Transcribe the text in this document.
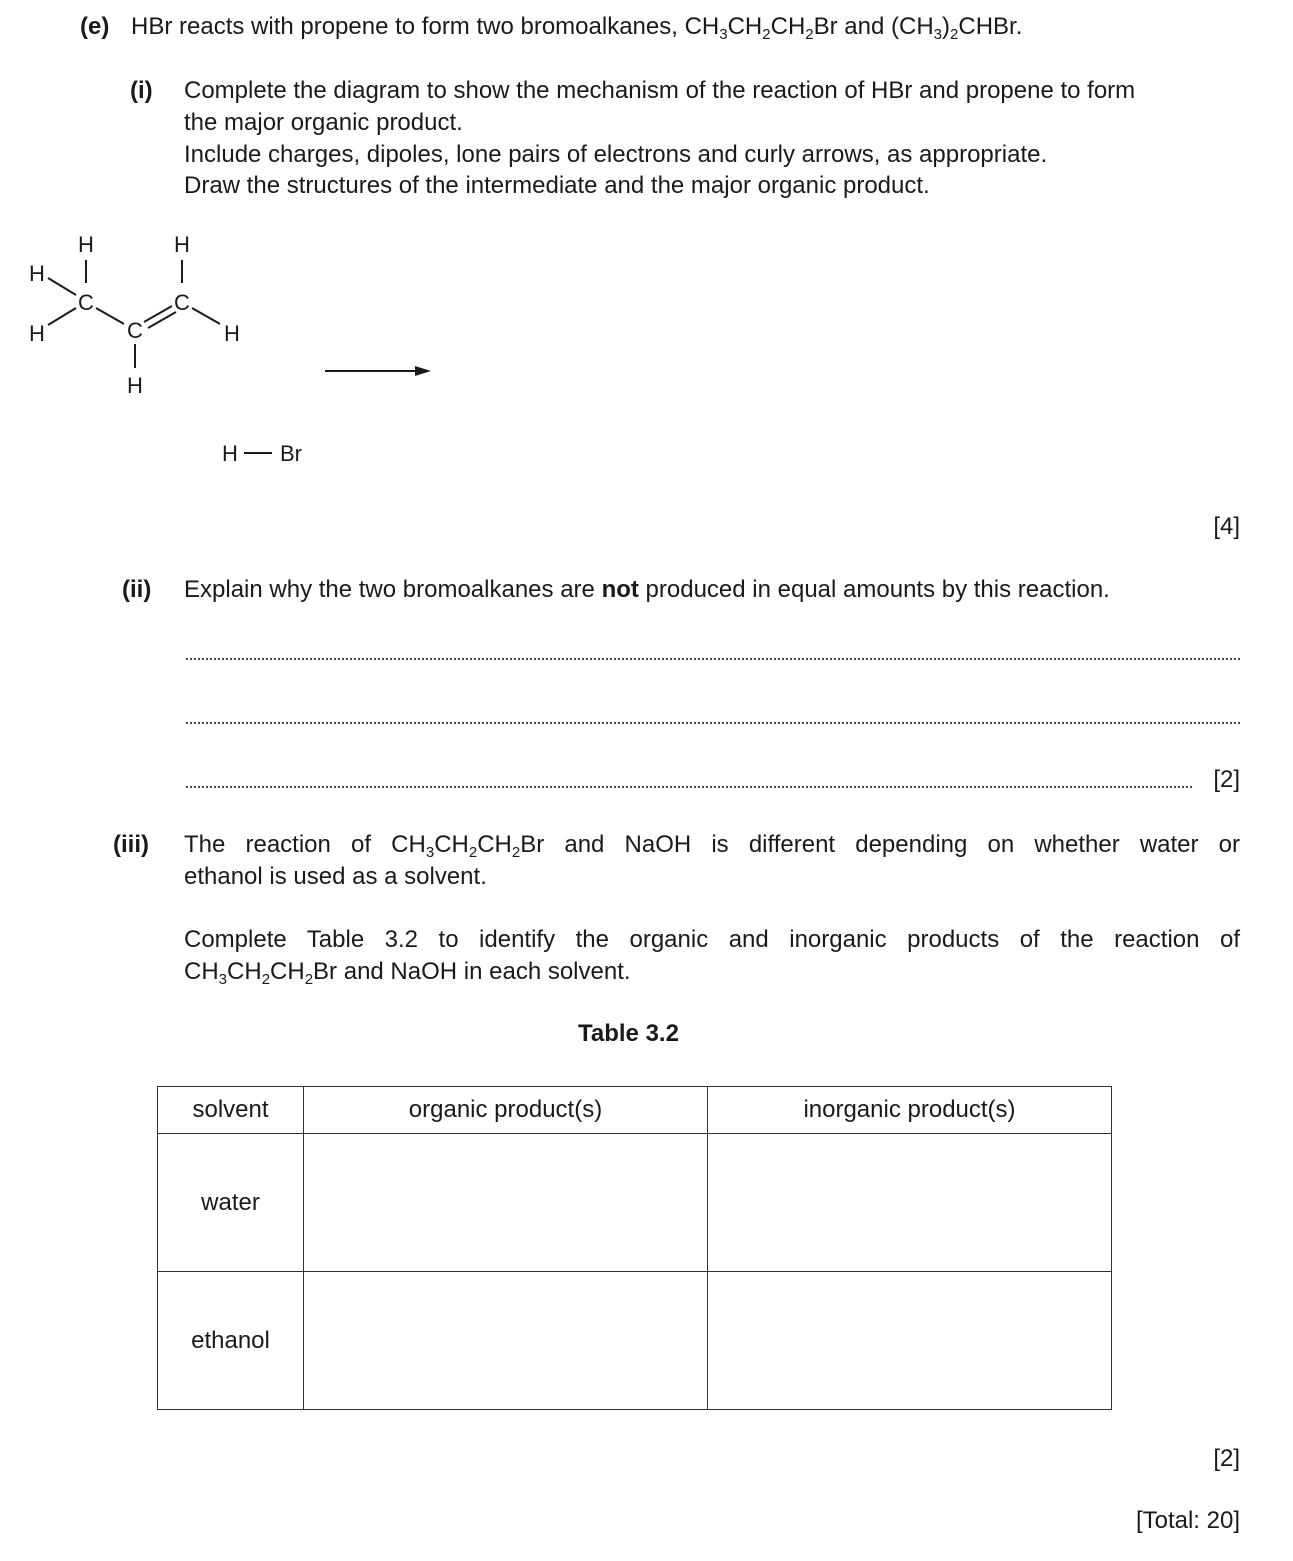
(e) HBr reacts with propene to form two bromoalkanes, $CH_3CH_2CH_2Br$ and $(CH_3)_2CHBr$.
(i) Complete the diagram to show the mechanism of the reaction of HBr and propene to form
the major organic product.
Include charges, dipoles, lone pairs of electrons and curly arrows, as appropriate.
Draw the structures of the intermediate and the major organic product.
H	H
H
H
C
C
C
H
H
H Br
[4]
(ii) Explain why the two bromoalkanes are not produced in equal amounts by this reaction.
[2]
(iii) The reaction of $CH_3CH_2CH_2Br$ and NaOH is different depending on whether water or
ethanol is used as a solvent.
Complete Table 3.2 to identify the organic and inorganic products of the reaction of
$CH_3CH_2CH_2Br$ and NaOH in each solvent.
Table 3.2
solvent	organic product(s)	inorganic product(s)
water		
ethanol		
[2]
[Total: 20]
